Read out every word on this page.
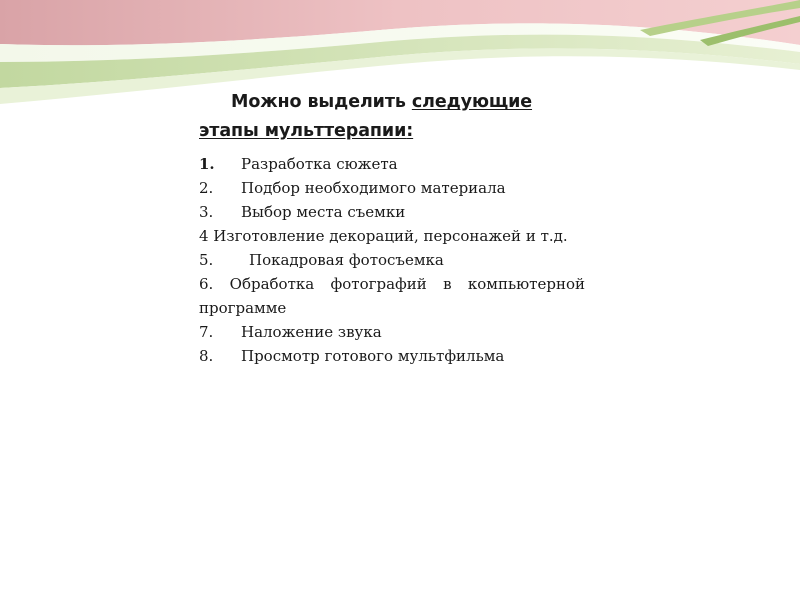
Можно выделить следующие
этапы мульттерапии:

1.	Разработка сюжета
2.	Подбор необходимого материала
3.	Выбор места съемки
4 Изготовление декораций, персонажей и т.д.
5.	Покадровая фотосъемка
6. Обработка фотографий в компьютерной
программе
7.	Наложение звука
8.	Просмотр готового мультфильма
